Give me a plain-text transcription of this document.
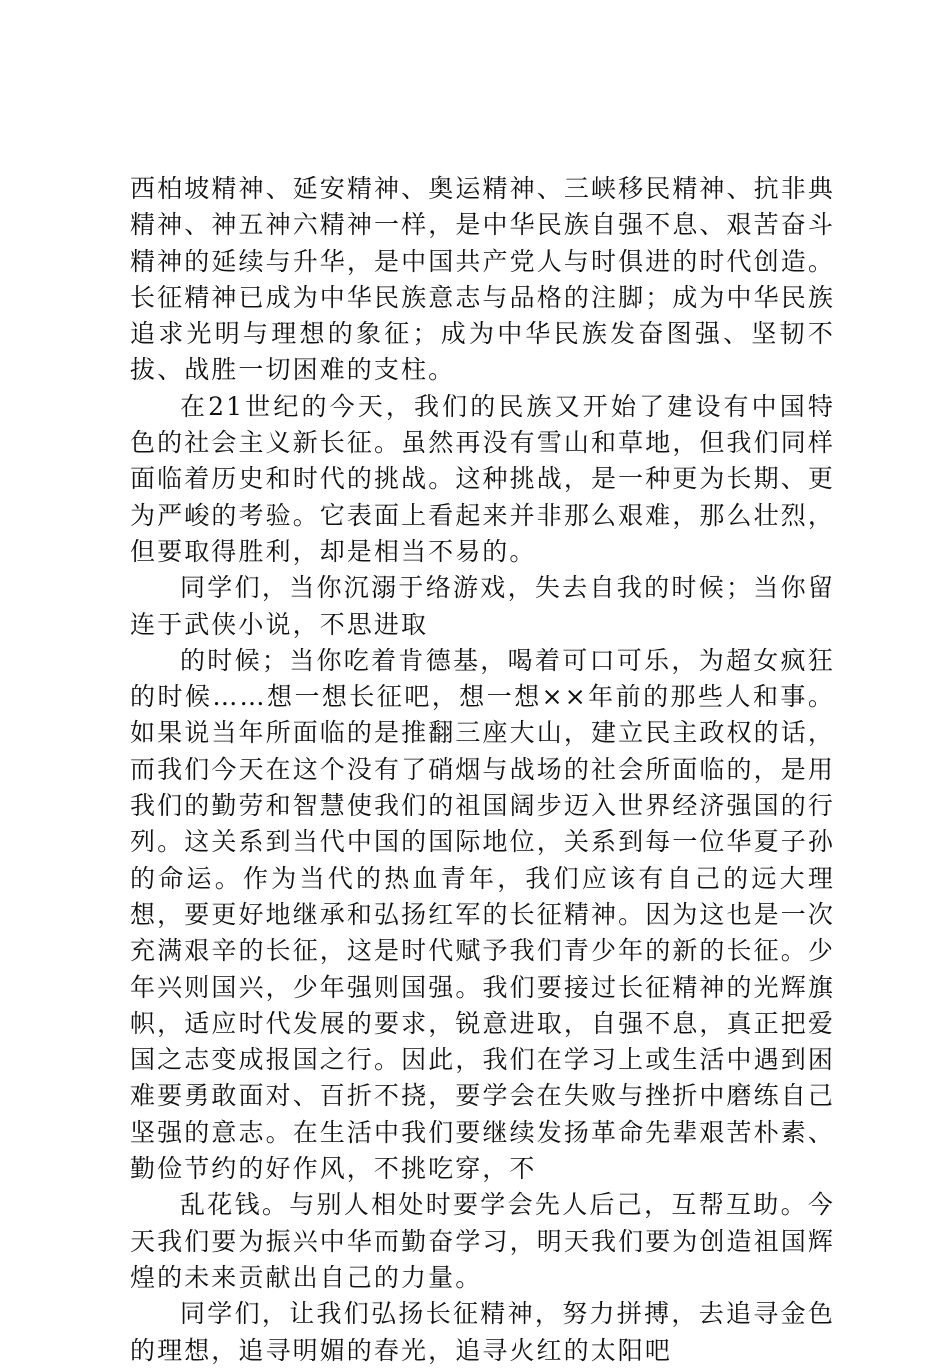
西柏坡精神、延安精神、奥运精神、三峡移民精神、抗非典精神、神五神六精神一样，是中华民族自强不息、艰苦奋斗精神的延续与升华，是中国共产党人与时俱进的时代创造。长征精神已成为中华民族意志与品格的注脚；成为中华民族追求光明与理想的象征；成为中华民族发奋图强、坚韧不拔、战胜一切困难的支柱。

在21世纪的今天，我们的民族又开始了建设有中国特色的社会主义新长征。虽然再没有雪山和草地，但我们同样面临着历史和时代的挑战。这种挑战，是一种更为长期、更为严峻的考验。它表面上看起来并非那么艰难，那么壮烈，但要取得胜利，却是相当不易的。

同学们，当你沉溺于络游戏，失去自我的时候；当你留连于武侠小说，不思进取

的时候；当你吃着肯德基，喝着可口可乐，为超女疯狂的时候……想一想长征吧，想一想××年前的那些人和事。如果说当年所面临的是推翻三座大山，建立民主政权的话，而我们今天在这个没有了硝烟与战场的社会所面临的，是用我们的勤劳和智慧使我们的祖国阔步迈入世界经济强国的行列。这关系到当代中国的国际地位，关系到每一位华夏子孙的命运。作为当代的热血青年，我们应该有自己的远大理想，要更好地继承和弘扬红军的长征精神。因为这也是一次充满艰辛的长征，这是时代赋予我们青少年的新的长征。少年兴则国兴，少年强则国强。我们要接过长征精神的光辉旗帜，适应时代发展的要求，锐意进取，自强不息，真正把爱国之志变成报国之行。因此，我们在学习上或生活中遇到困难要勇敢面对、百折不挠，要学会在失败与挫折中磨练自己坚强的意志。在生活中我们要继续发扬革命先辈艰苦朴素、勤俭节约的好作风，不挑吃穿，不

乱花钱。与别人相处时要学会先人后己，互帮互助。今天我们要为振兴中华而勤奋学习，明天我们要为创造祖国辉煌的未来贡献出自己的力量。

同学们，让我们弘扬长征精神，努力拼搏，去追寻金色的理想，追寻明媚的春光，追寻火红的太阳吧
